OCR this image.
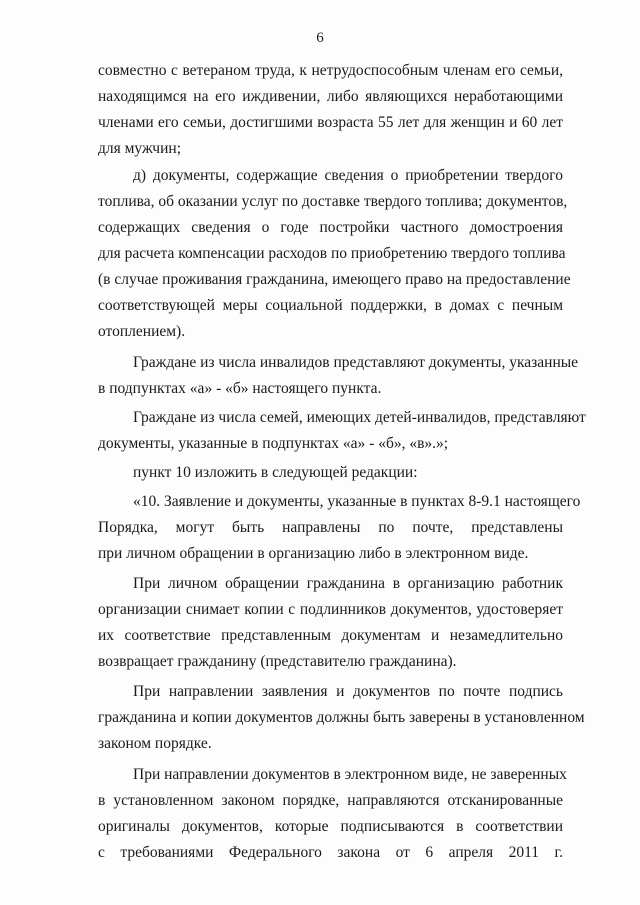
6
совместно с ветераном труда, к нетрудоспособным членам его семьи,
находящимся на его иждивении, либо являющихся неработающими
членами его семьи, достигшими возраста 55 лет для женщин и 60 лет
для мужчин;
д) документы, содержащие сведения о приобретении твердого
топлива, об оказании услуг по доставке твердого топлива; документов,
содержащих сведения о годе постройки частного домостроения
для расчета компенсации расходов по приобретению твердого топлива
(в случае проживания гражданина, имеющего право на предоставление
соответствующей меры социальной поддержки, в домах с печным
отоплением).
Граждане из числа инвалидов представляют документы, указанные
в подпунктах «а» - «б» настоящего пункта.
Граждане из числа семей, имеющих детей-инвалидов, представляют
документы, указанные в подпунктах «а» - «б», «в».»;
пункт 10 изложить в следующей редакции:
«10. Заявление и документы, указанные в пунктах 8-9.1 настоящего
Порядка, могут быть направлены по почте, представлены
при личном обращении в организацию либо в электронном виде.
При личном обращении гражданина в организацию работник
организации снимает копии с подлинников документов, удостоверяет
их соответствие представленным документам и незамедлительно
возвращает гражданину (представителю гражданина).
При направлении заявления и документов по почте подпись
гражданина и копии документов должны быть заверены в установленном
законом порядке.
При направлении документов в электронном виде, не заверенных
в установленном законом порядке, направляются отсканированные
оригиналы документов, которые подписываются в соответствии
с требованиями Федерального закона от 6 апреля 2011 г.
